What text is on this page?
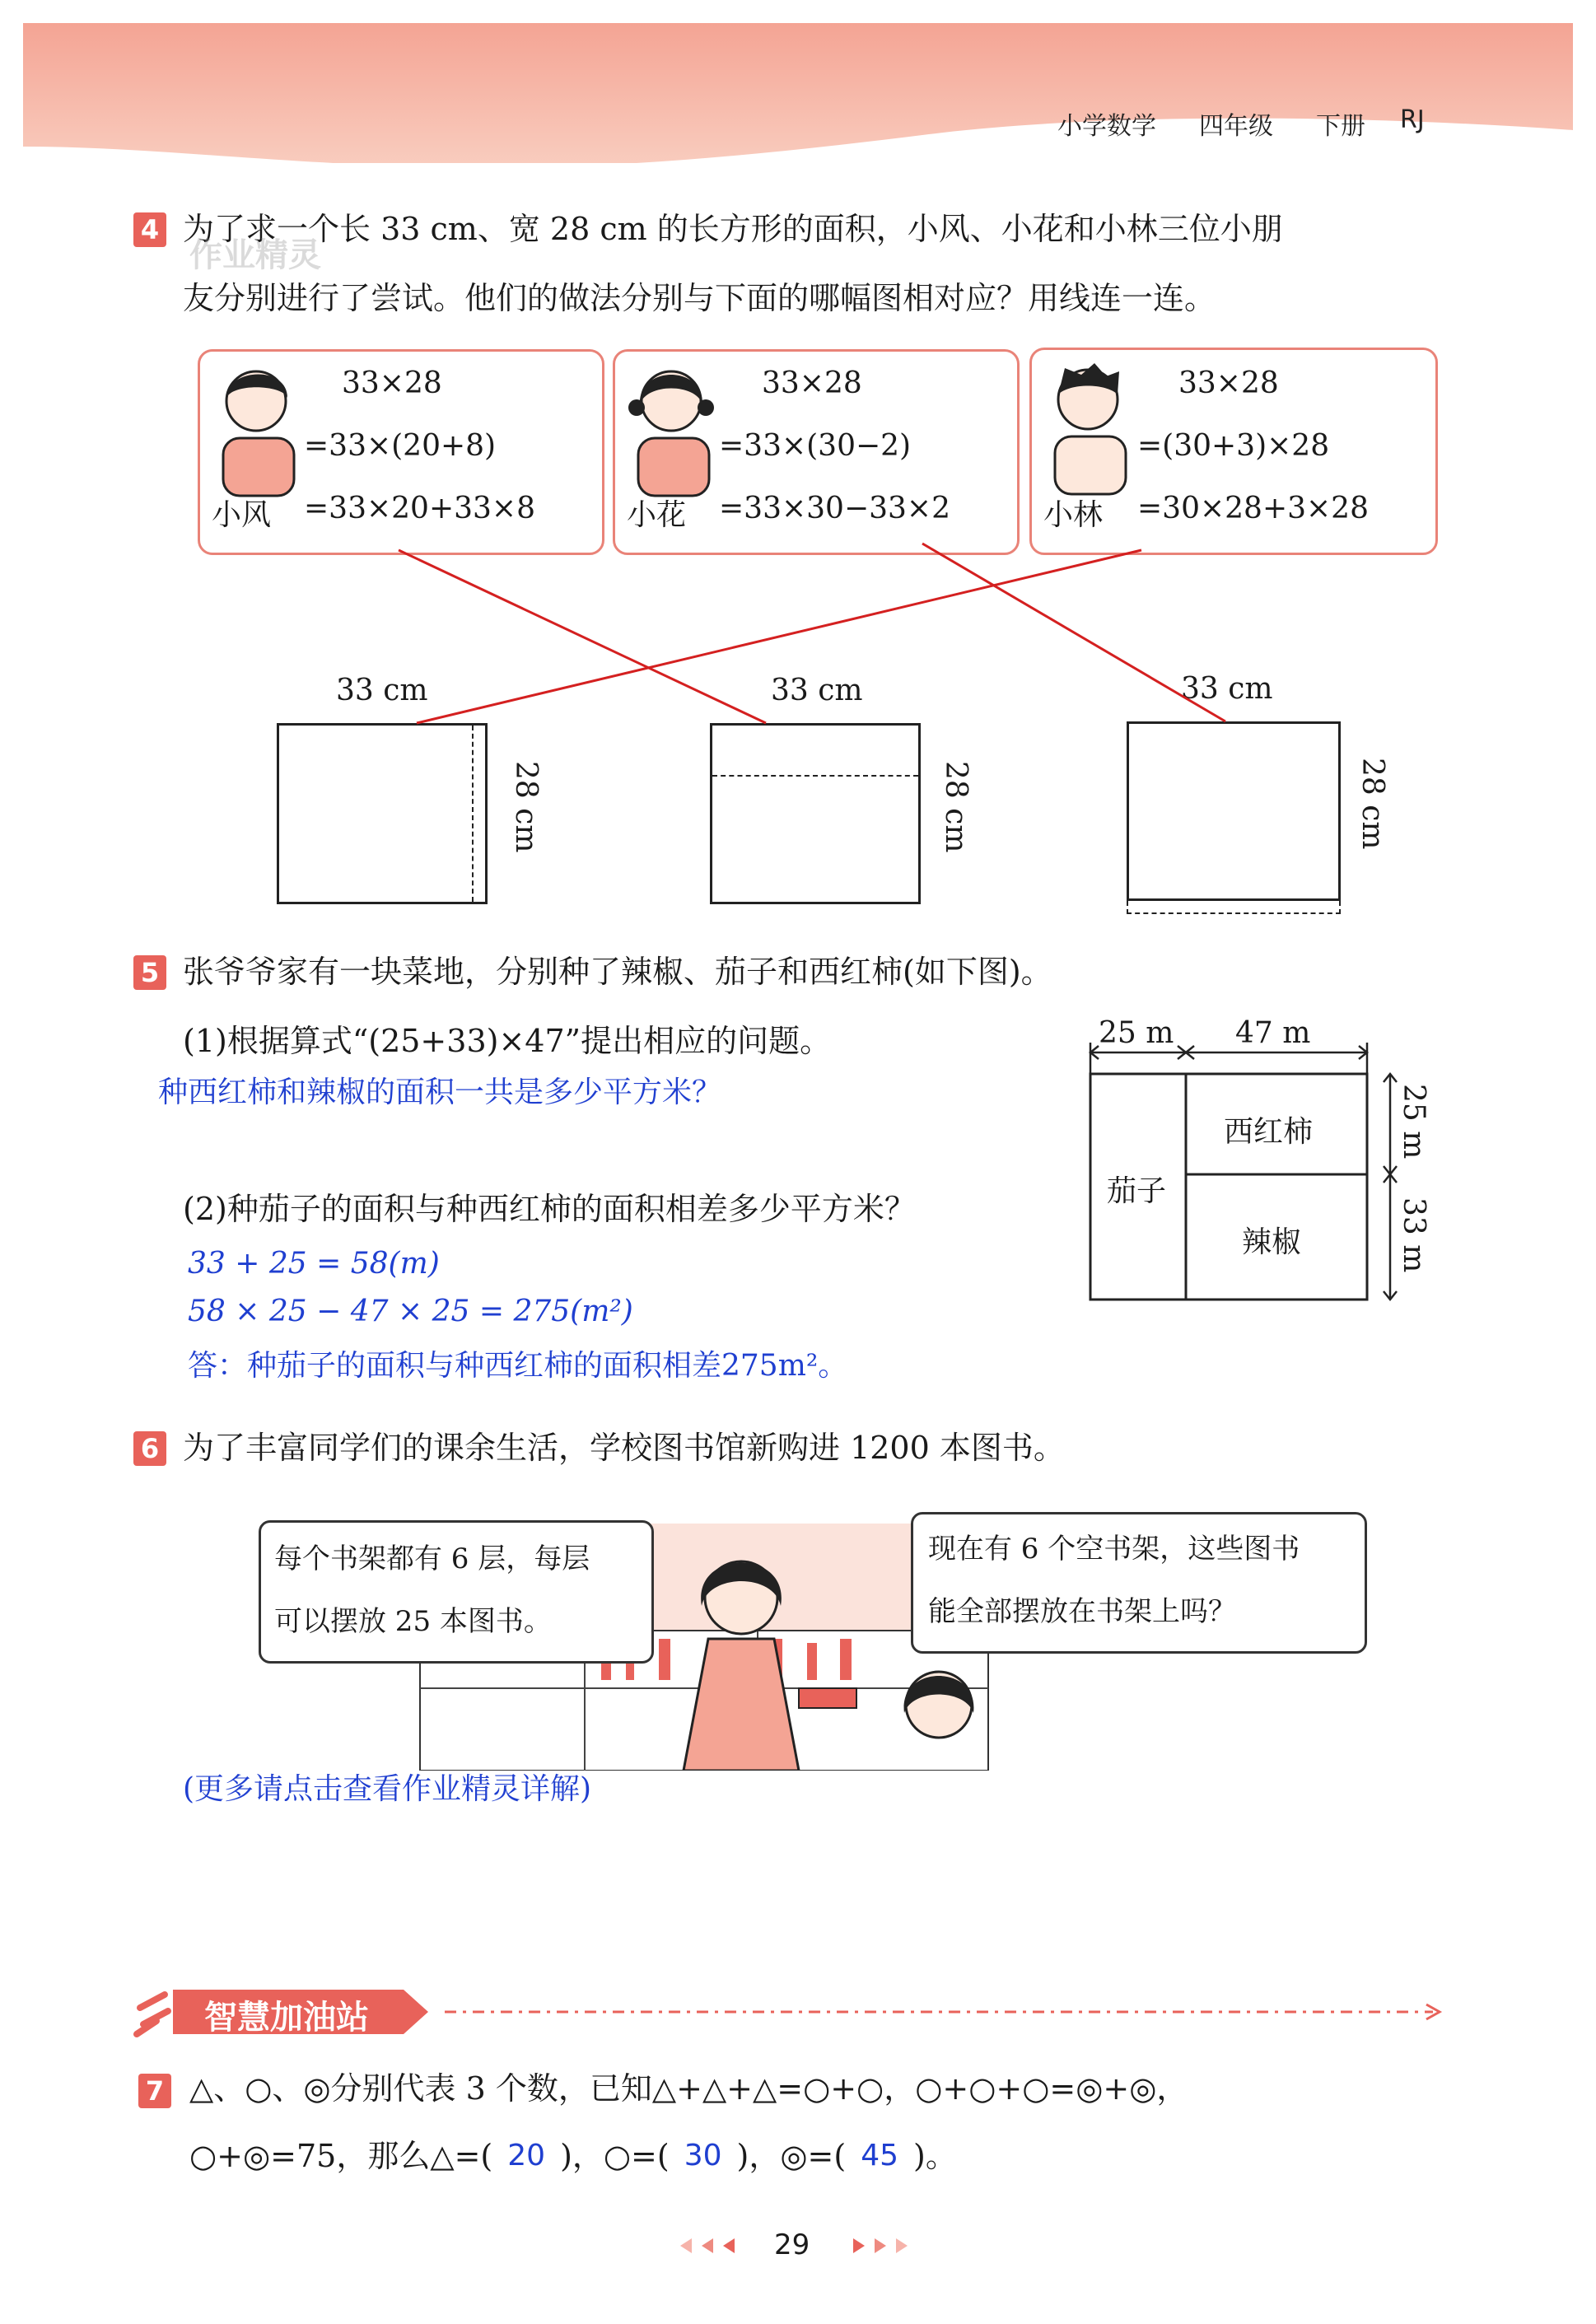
小学数学 四年级 下册 RJ
4 为了求一个长 33 cm、宽 28 cm 的长方形的面积，小风、小花和小林三位小朋
友分别进行了尝试。他们的做法分别与下面的哪幅图相对应？用线连一连。
作业精灵
33×28
=33×(20+8)
小风 =33×20+33×8
33×28
=33×(30−2)
小花 =33×30−33×2
33×28
=(30+3)×28
小林 =30×28+3×28
33 cm
28 cm
33 cm
28 cm
33 cm
28 cm
5 张爷爷家有一块菜地，分别种了辣椒、茄子和西红柿(如下图)。
(1)根据算式“(25+33)×47”提出相应的问题。
种西红柿和辣椒的面积一共是多少平方米？
(2)种茄子的面积与种西红柿的面积相差多少平方米？
33 + 25 = 58(m)
58 × 25 − 47 × 25 = 275(m²)
答：种茄子的面积与种西红柿的面积相差275m²。
25 m 47 m
茄子
西红柿
辣椒
25 m
33 m
6 为了丰富同学们的课余生活，学校图书馆新购进 1200 本图书。
每个书架都有 6 层，每层
可以摆放 25 本图书。
现在有 6 个空书架，这些图书
能全部摆放在书架上吗？
(更多请点击查看作业精灵详解)
智慧加油站
7 △、○、◎分别代表 3 个数，已知△+△+△=○+○，○+○+○=◎+◎，
○+◎=75，那么△=( 20 )，○=( 30 )，◎=( 45 )。
29
